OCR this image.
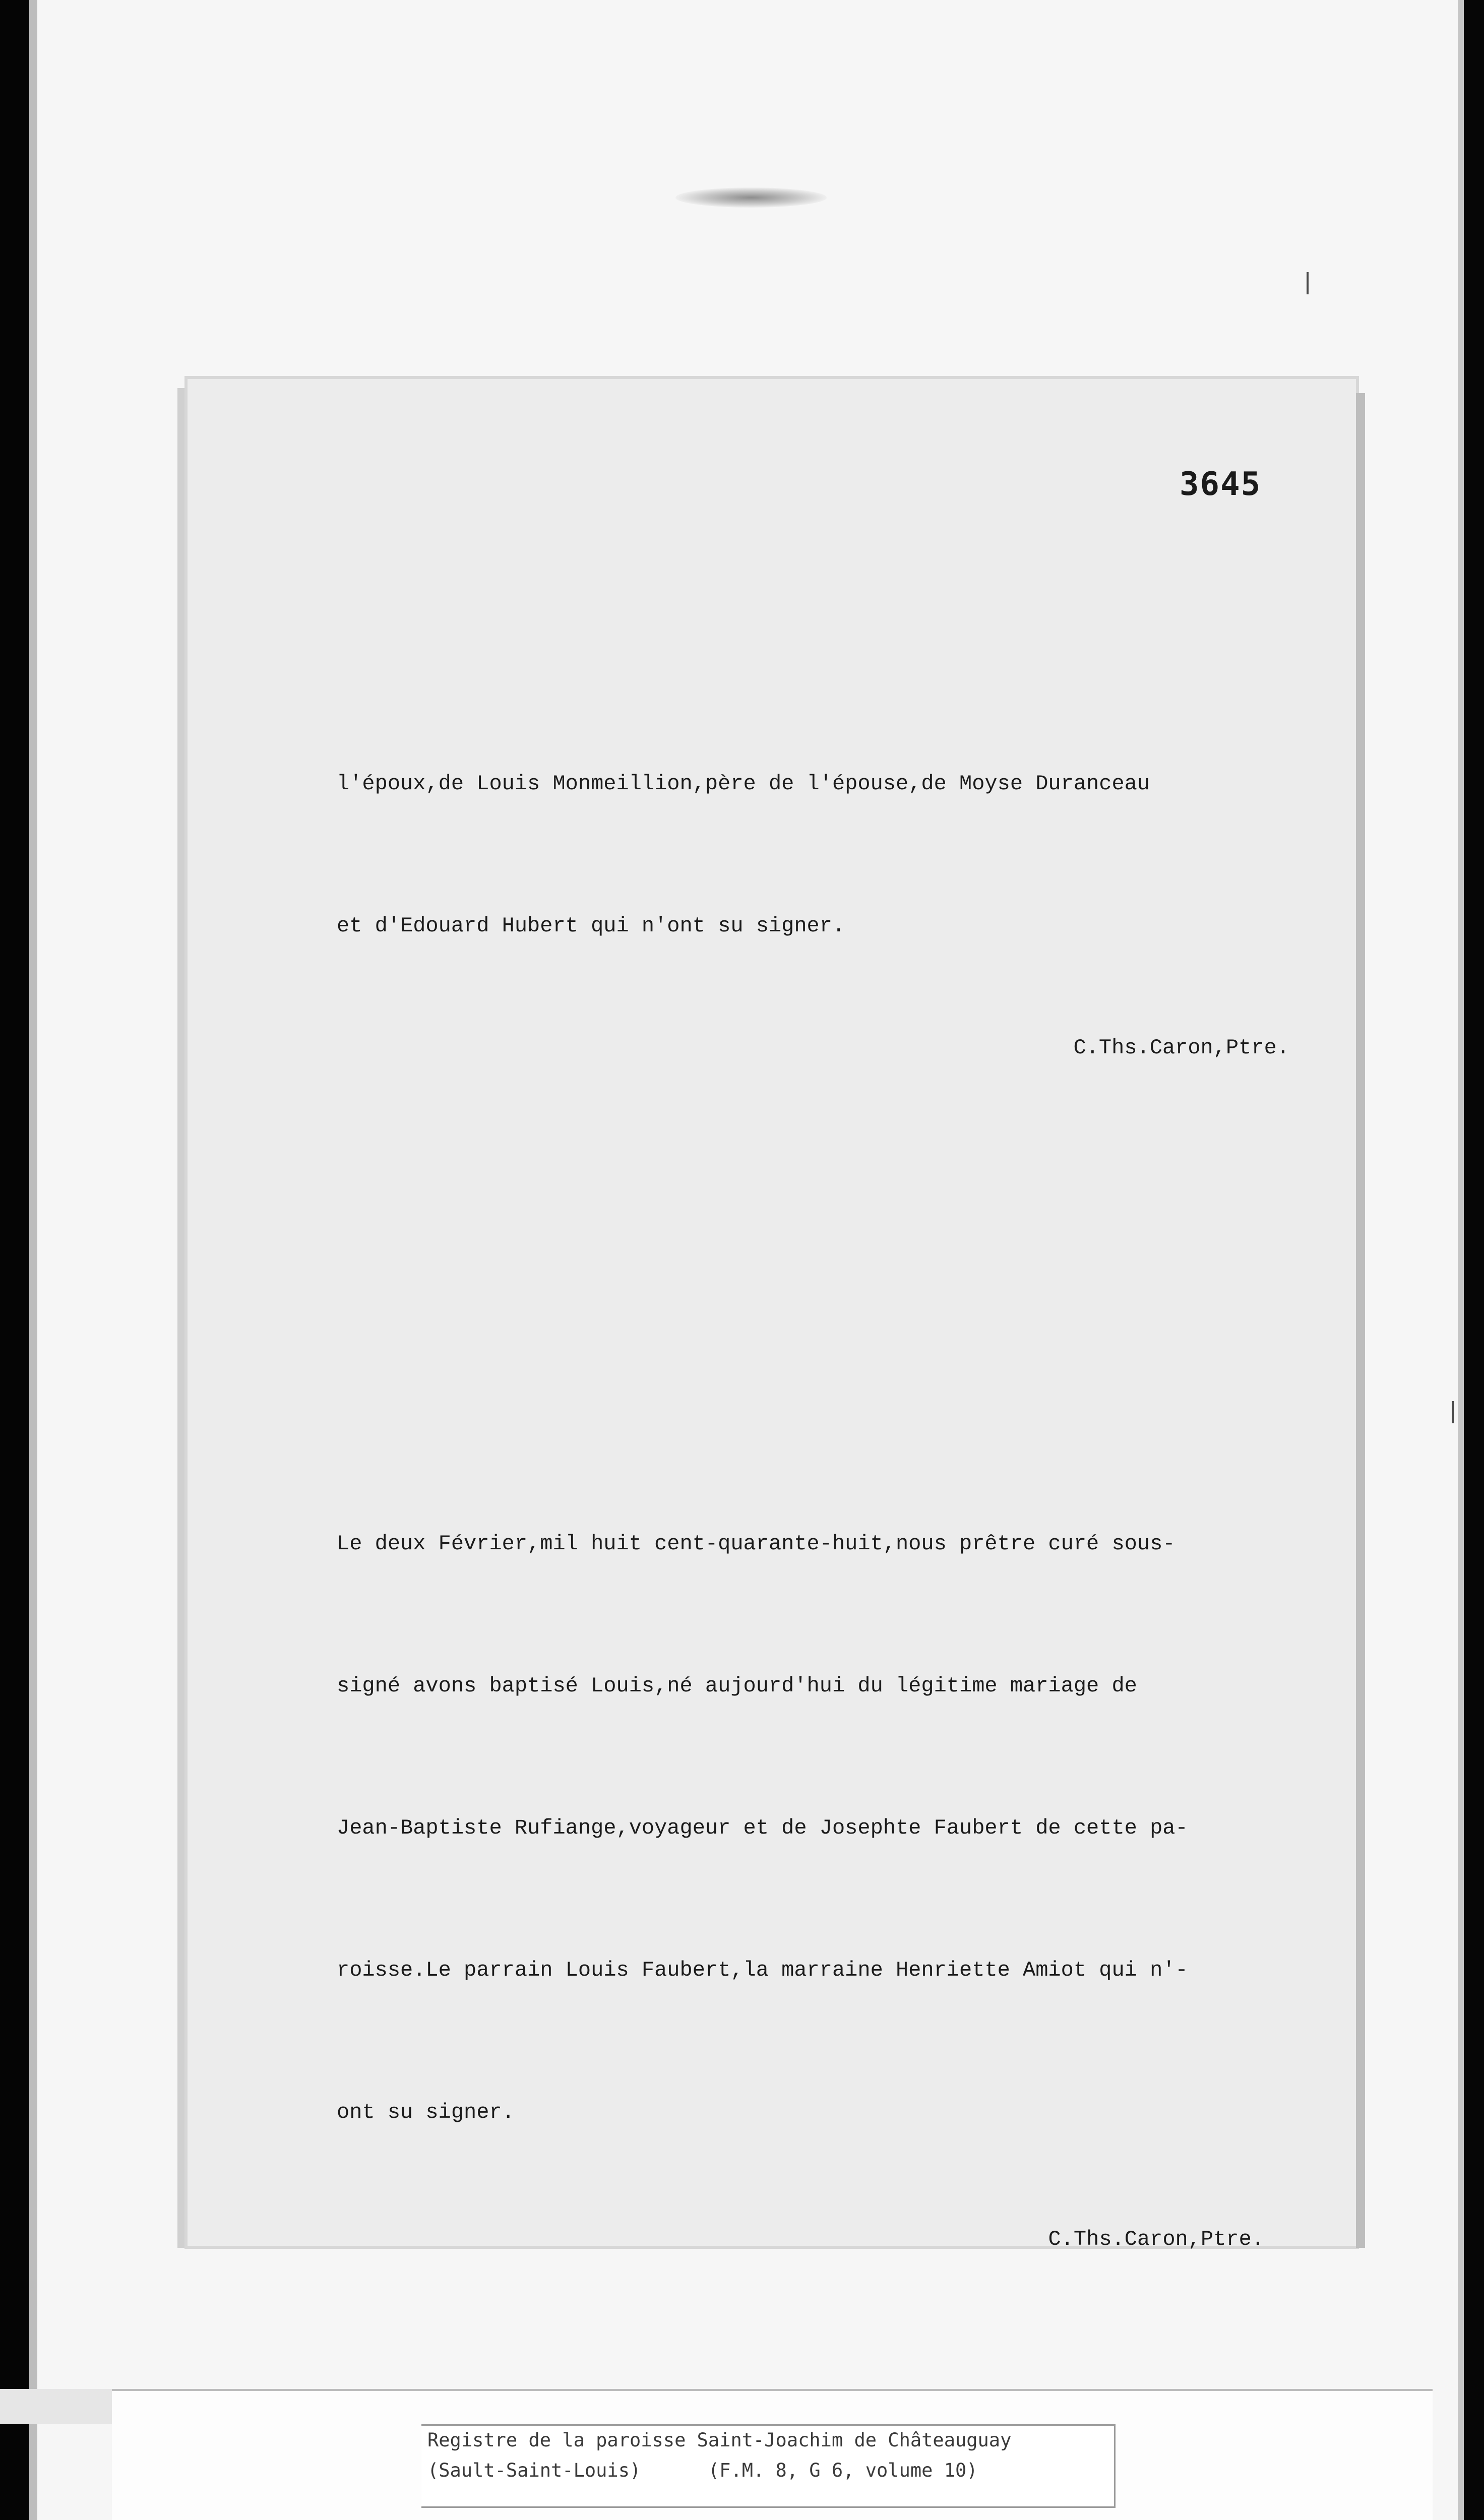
3645

l'époux,de Louis Monmeillion,père de l'épouse,de Moyse Duranceau

et d'Edouard Hubert qui n'ont su signer.

C.Ths.Caron,Ptre.

Le deux Février,mil huit cent-quarante-huit,nous prêtre curé sous-

signé avons baptisé Louis,né aujourd'hui du légitime mariage de

Jean-Baptiste Rufiange,voyageur et de Josephte Faubert de cette pa-

roisse.Le parrain Louis Faubert,la marraine Henriette Amiot qui n'-

ont su signer.

C.Ths.Caron,Ptre.

Registre de la paroisse Saint-Joachim de Châteauguay
(Sault-Saint-Louis)      (F.M. 8, G 6, volume 10)
